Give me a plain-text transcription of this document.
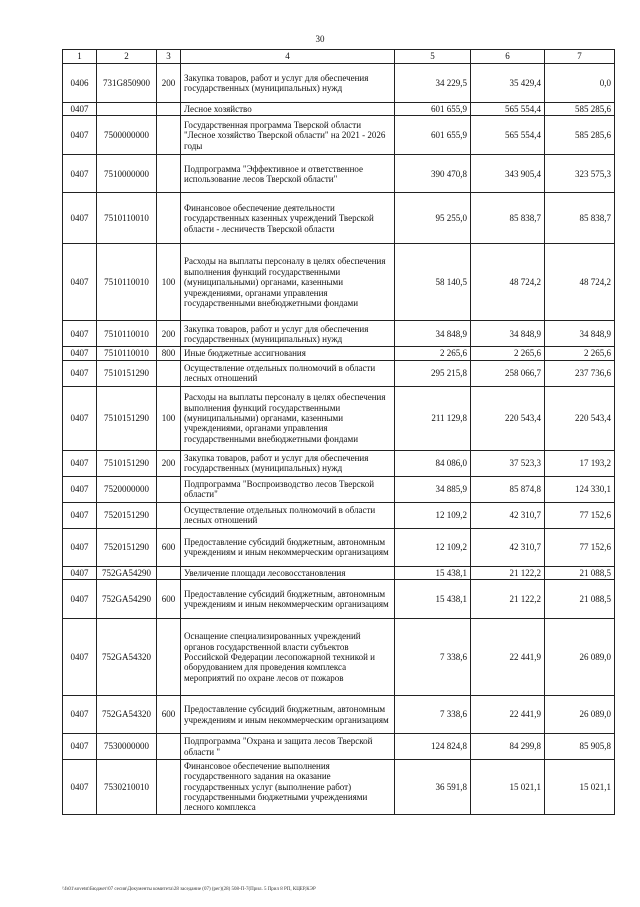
30
1	2	3	4	5	6	7
0406	731G850900	200	Закупка товаров, работ и услуг для обеспечения государственных (муниципальных) нужд	34 229,5	35 429,4	0,0
0407			Лесное хозяйство	601 655,9	565 554,4	585 285,6
0407	7500000000		Государственная программа Тверской области "Лесное хозяйство Тверской области" на 2021 - 2026 годы	601 655,9	565 554,4	585 285,6
0407	7510000000		Подпрограмма "Эффективное и ответственное использование лесов Тверской области"	390 470,8	343 905,4	323 575,3
0407	7510110010		Финансовое обеспечение деятельности государственных казенных учреждений Тверской области - лесничеств Тверской области	95 255,0	85 838,7	85 838,7
0407	7510110010	100	Расходы на выплаты персоналу в целях обеспечения выполнения функций государственными (муниципальными) органами, казенными учреждениями, органами управления государственными внебюджетными фондами	58 140,5	48 724,2	48 724,2
0407	7510110010	200	Закупка товаров, работ и услуг для обеспечения государственных (муниципальных) нужд	34 848,9	34 848,9	34 848,9
0407	7510110010	800	Иные бюджетные ассигнования	2 265,6	2 265,6	2 265,6
0407	7510151290		Осуществление отдельных полномочий в области лесных отношений	295 215,8	258 066,7	237 736,6
0407	7510151290	100	Расходы на выплаты персоналу в целях обеспечения выполнения функций государственными (муниципальными) органами, казенными учреждениями, органами управления государственными внебюджетными фондами	211 129,8	220 543,4	220 543,4
0407	7510151290	200	Закупка товаров, работ и услуг для обеспечения государственных (муниципальных) нужд	84 086,0	37 523,3	17 193,2
0407	7520000000		Подпрограмма "Воспроизводство лесов Тверской области"	34 885,9	85 874,8	124 330,1
0407	7520151290		Осуществление отдельных полномочий в области лесных отношений	12 109,2	42 310,7	77 152,6
0407	7520151290	600	Предоставление субсидий бюджетным, автономным учреждениям и иным некоммерческим организациям	12 109,2	42 310,7	77 152,6
0407	752GA54290		Увеличение площади лесовосстановления	15 438,1	21 122,2	21 088,5
0407	752GA54290	600	Предоставление субсидий бюджетным, автономным учреждениям и иным некоммерческим организациям	15 438,1	21 122,2	21 088,5
0407	752GA54320		Оснащение специализированных учреждений органов государственной власти субъектов Российской Федерации лесопожарной техникой и оборудованием для проведения комплекса мероприятий по охране лесов от пожаров	7 338,6	22 441,9	26 089,0
0407	752GA54320	600	Предоставление субсидий бюджетным, автономным учреждениям и иным некоммерческим организациям	7 338,6	22 441,9	26 089,0
0407	7530000000		Подпрограмма "Охрана и защита лесов Тверской области "	124 824,8	84 299,8	85 905,8
0407	7530210010		Финансовое обеспечение выполнения государственного задания на оказание государственных услуг (выполнение работ) государственными бюджетными учреждениями лесного комплекса	36 591,8	15 021,1	15 021,1
\\fs01\sovetst\Бюджет\07 сесия\Документы комитета\28 заседание (07) (рег)(28) 508-П-7(Прил. 5 Прил 8 РП, КЦЕР,КЭР
